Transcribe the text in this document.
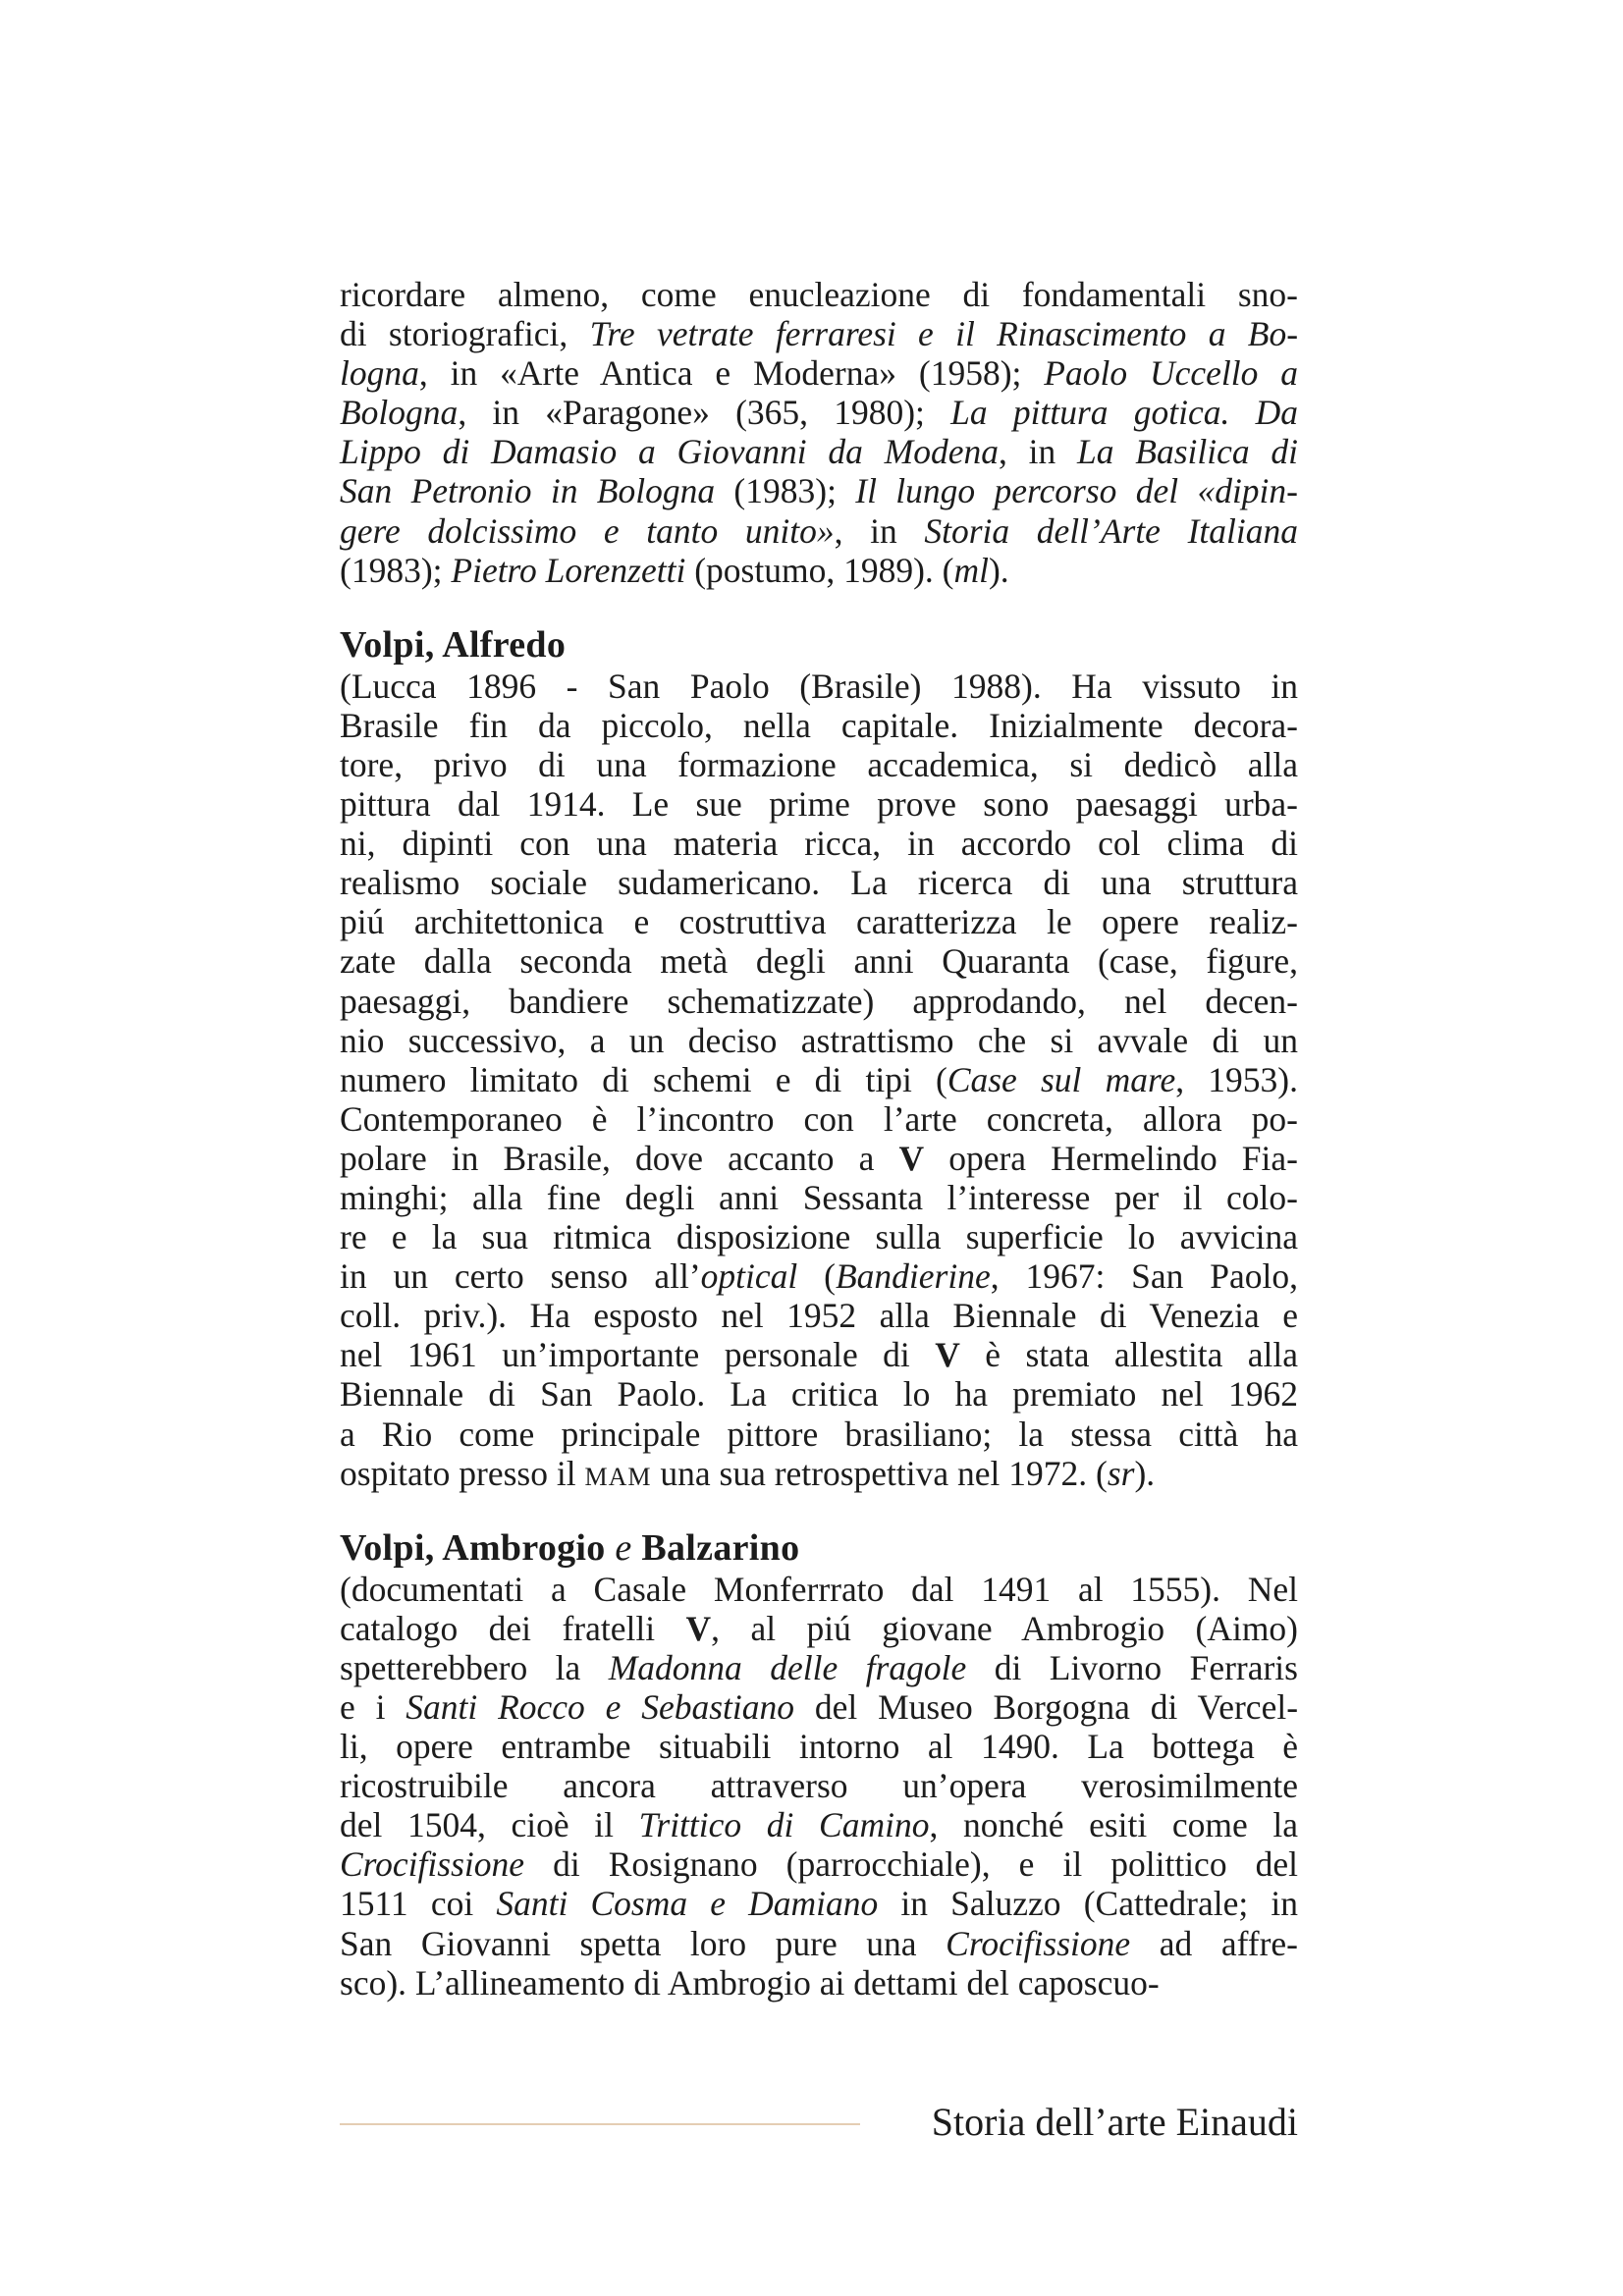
ricordare almeno, come enucleazione di fondamentali sno-
di storiografici, Tre vetrate ferraresi e il Rinascimento a Bo-
logna, in «Arte Antica e Moderna» (1958); Paolo Uccello a
Bologna, in «Paragone» (365, 1980); La pittura gotica. Da
Lippo di Damasio a Giovanni da Modena, in La Basilica di
San Petronio in Bologna (1983); Il lungo percorso del «dipin-
gere dolcissimo e tanto unito», in Storia dell’Arte Italiana
(1983); Pietro Lorenzetti (postumo, 1989). (ml).
Volpi, Alfredo
(Lucca 1896 - San Paolo (Brasile) 1988). Ha vissuto in
Brasile fin da piccolo, nella capitale. Inizialmente decora-
tore, privo di una formazione accademica, si dedicò alla
pittura dal 1914. Le sue prime prove sono paesaggi urba-
ni, dipinti con una materia ricca, in accordo col clima di
realismo sociale sudamericano. La ricerca di una struttura
piú architettonica e costruttiva caratterizza le opere realiz-
zate dalla seconda metà degli anni Quaranta (case, figure,
paesaggi, bandiere schematizzate) approdando, nel decen-
nio successivo, a un deciso astrattismo che si avvale di un
numero limitato di schemi e di tipi (Case sul mare, 1953).
Contemporaneo è l’incontro con l’arte concreta, allora po-
polare in Brasile, dove accanto a V opera Hermelindo Fia-
minghi; alla fine degli anni Sessanta l’interesse per il colo-
re e la sua ritmica disposizione sulla superficie lo avvicina
in un certo senso all’optical (Bandierine, 1967: San Paolo,
coll. priv.). Ha esposto nel 1952 alla Biennale di Venezia e
nel 1961 un’importante personale di V è stata allestita alla
Biennale di San Paolo. La critica lo ha premiato nel 1962
a Rio come principale pittore brasiliano; la stessa città ha
ospitato presso il MAM una sua retrospettiva nel 1972. (sr).
Volpi, Ambrogio e Balzarino
(documentati a Casale Monferrrato dal 1491 al 1555). Nel
catalogo dei fratelli V, al piú giovane Ambrogio (Aimo)
spetterebbero la Madonna delle fragole di Livorno Ferraris
e i Santi Rocco e Sebastiano del Museo Borgogna di Vercel-
li, opere entrambe situabili intorno al 1490. La bottega è
ricostruibile ancora attraverso un’opera verosimilmente
del 1504, cioè il Trittico di Camino, nonché esiti come la
Crocifissione di Rosignano (parrocchiale), e il polittico del
1511 coi Santi Cosma e Damiano in Saluzzo (Cattedrale; in
San Giovanni spetta loro pure una Crocifissione ad affre-
sco). L’allineamento di Ambrogio ai dettami del caposcuo-
Storia dell’arte Einaudi
